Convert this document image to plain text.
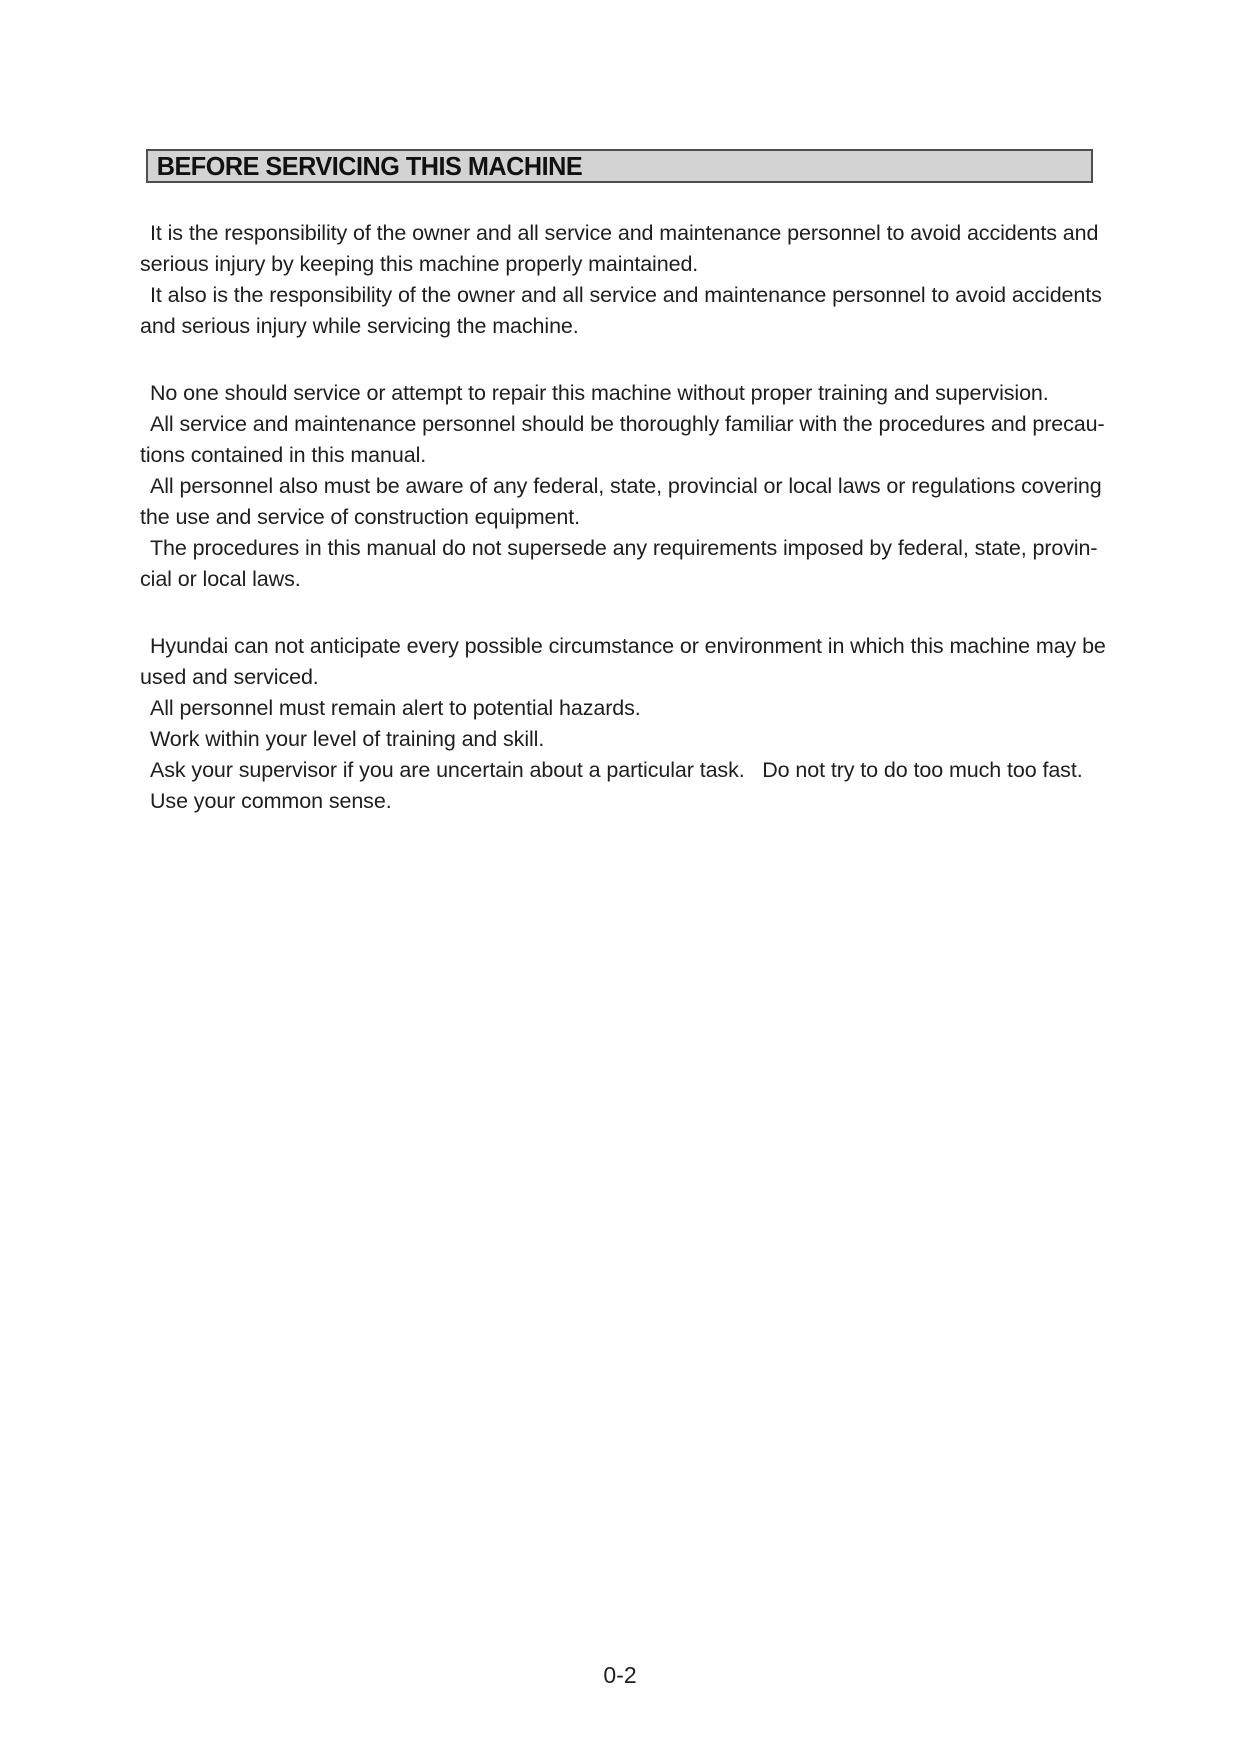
BEFORE SERVICING THIS MACHINE
It is the responsibility of the owner and all service and maintenance personnel to avoid accidents and
serious injury by keeping this machine properly maintained.
It also is the responsibility of the owner and all service and maintenance personnel to avoid accidents
and serious injury while servicing the machine.
No one should service or attempt to repair this machine without proper training and supervision.
All service and maintenance personnel should be thoroughly familiar with the procedures and precau-
tions contained in this manual.
All personnel also must be aware of any federal, state, provincial or local laws or regulations covering
the use and service of construction equipment.
The procedures in this manual do not supersede any requirements imposed by federal, state, provin-
cial or local laws.
Hyundai can not anticipate every possible circumstance or environment in which this machine may be
used and serviced.
All personnel must remain alert to potential hazards.
Work within your level of training and skill.
Ask your supervisor if you are uncertain about a particular task.   Do not try to do too much too fast.
Use your common sense.
0-2
